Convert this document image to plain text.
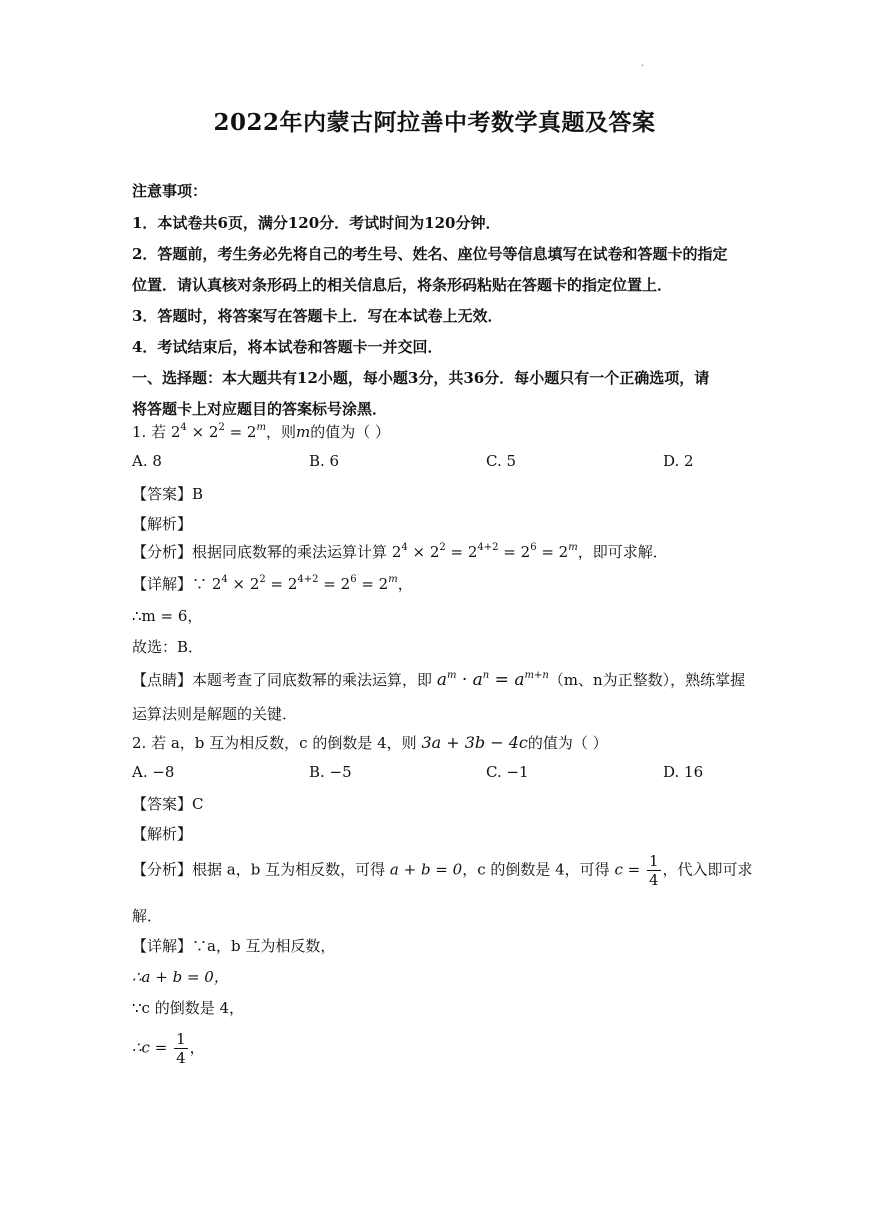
.
2022年内蒙古阿拉善中考数学真题及答案
注意事项：
1．本试卷共6页，满分120分．考试时间为120分钟．
2．答题前，考生务必先将自己的考生号、姓名、座位号等信息填写在试卷和答题卡的指定
位置．请认真核对条形码上的相关信息后，将条形码粘贴在答题卡的指定位置上．
3．答题时，将答案写在答题卡上．写在本试卷上无效．
4．考试结束后，将本试卷和答题卡一并交回．
一、选择题：本大题共有12小题，每小题3分，共36分．每小题只有一个正确选项，请
将答题卡上对应题目的答案标号涂黑．
1. 若 $2^4 \times 2^2 = 2^m$，则m的值为（ ）
A. 8	B. 6	C. 5	D. 2
【答案】B
【解析】
【分析】根据同底数幂的乘法运算计算 $2^4 \times 2^2 = 2^{4+2} = 2^6 = 2^m$，即可求解．
【详解】∵ $2^4 \times 2^2 = 2^{4+2} = 2^6 = 2^m$，
∴m = 6，
故选：B．
【点睛】本题考查了同底数幂的乘法运算，即 $a^m \cdot a^n = a^{m+n}(m$、n为正整数），熟练掌握
运算法则是解题的关键．
2. 若 a，b 互为相反数，c 的倒数是 4，则 3a + 3b − 4c的值为（ ）
A. −8	B. −5	C. −1	D. 16
【答案】C
【解析】
【分析】根据 a，b 互为相反数，可得 a + b = 0，c 的倒数是 4，可得 $c = \frac{1}{4}$ ，代入即可求
解．
【详解】∵a，b 互为相反数，
∴a + b = 0，
∵c 的倒数是 4，
∴c = $\frac{1}{4}$ ，
